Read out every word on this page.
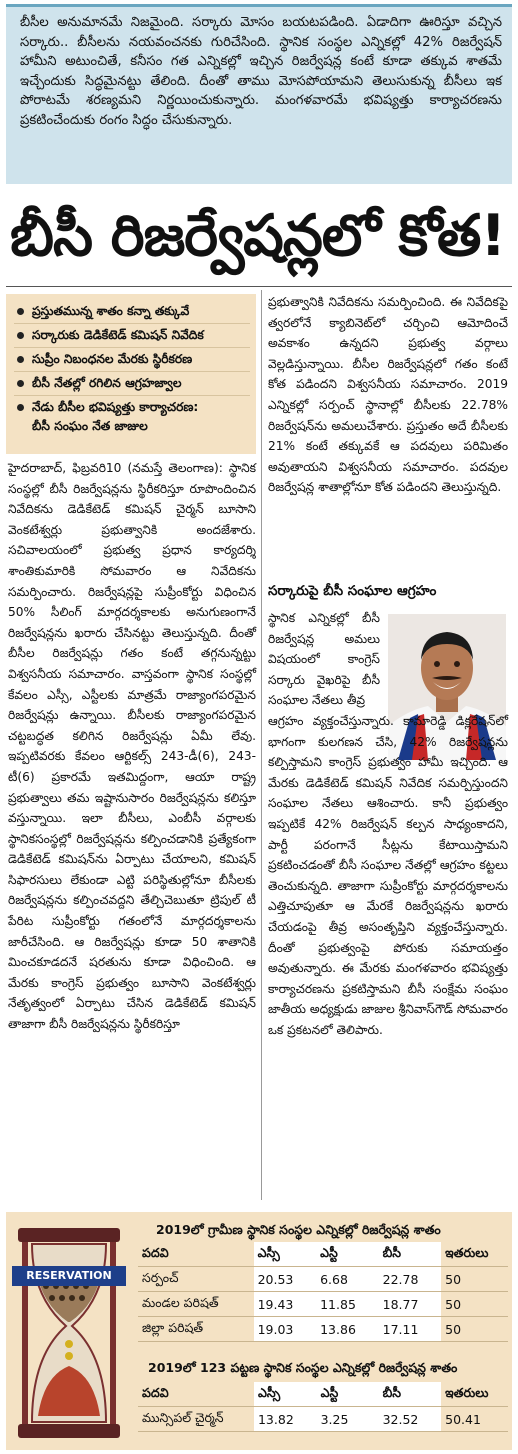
బీసీల అనుమానమే నిజమైంది. సర్కారు మోసం బయటపడింది. ఏడాదిగా ఊరిస్తూ వచ్చిన సర్కారు.. బీసీలను నయవంచనకు గురిచేసింది. స్థానిక సంస్థల ఎన్నికల్లో 42% రిజర్వేషన్ హామీని అటుంచితే, కనీసం గత ఎన్నికల్లో ఇచ్చిన రిజర్వేషన్ల కంటే కూడా తక్కువ శాతమే ఇచ్చేందుకు సిద్ధమైనట్టు తేలింది. దీంతో తాము మోసపోయామని తెలుసుకున్న బీసీలు ఇక పోరాటమే శరణ్యమని నిర్ణయించుకున్నారు. మంగళవారమే భవిష్యత్తు కార్యాచరణను ప్రకటించేందుకు రంగం సిద్ధం చేసుకున్నారు.

బీసీ రిజర్వేషన్లలో కోత!
ప్రస్తుతమున్న శాతం కన్నా తక్కువే
సర్కారుకు డెడికేటెడ్ కమిషన్ నివేదిక
సుప్రీం నిబంధనల మేరకు స్థిరీకరణ
బీసీ నేతల్లో రగిలిన ఆగ్రహజ్వాల
నేడు బీసీల భవిష్యత్తు కార్యాచరణ:
బీసీ సంఘం నేత జాజుల

హైదరాబాద్, ఫిబ్రవరి10 (నమస్తే తెలంగాణ): స్థానిక సంస్థల్లో బీసీ రిజర్వేషన్లను స్థిరీకరిస్తూ రూపొందించిన నివేదికను డెడికేటెడ్ కమిషన్ చైర్మన్ బూసాని వెంకటేశ్వర్లు ప్రభుత్వానికి అందజేశారు. సచివాలయంలో ప్రభుత్వ ప్రధాన కార్యదర్శి శాంతికుమారికి సోమవారం ఆ నివేదికను సమర్పించారు. రిజర్వేషన్లపై సుప్రీంకోర్టు విధించిన 50% సీలింగ్ మార్గదర్శకాలకు అనుగుణంగానే రిజర్వేషన్లను ఖరారు చేసినట్టు తెలుస్తున్నది. దీంతో బీసీల రిజర్వేషన్లు గతం కంటే తగ్గనున్నట్టు విశ్వసనీయ సమాచారం. వాస్తవంగా స్థానిక సంస్థల్లో కేవలం ఎస్సీ, ఎస్టీలకు మాత్రమే రాజ్యాంగపరమైన రిజర్వేషన్లు ఉన్నాయి. బీసీలకు రాజ్యాంగపరమైన చట్టబద్ధత కలిగిన రిజర్వేషన్లు ఏమీ లేవు. ఇప్పటివరకు కేవలం ఆర్టికల్స్ 243-డీ(6), 243-టీ(6) ప్రకారమే ఇతమిద్దంగా, ఆయా రాష్ట్ర ప్రభుత్వాలు తమ ఇష్టానుసారం రిజర్వేషన్లను కలిస్తూ వస్తున్నాయి. ఇలా బీసీలు, ఎంబీసీ వర్గాలకు స్థానికసంస్థల్లో రిజర్వేషన్లను కల్పించడానికి ప్రత్యేకంగా డెడికేటెడ్ కమిషన్‌ను ఏర్పాటు చేయాలని, కమిషన్ సిఫారసులు లేకుండా ఎట్టి పరిస్థితుల్లోనూ బీసీలకు రిజర్వేషన్లను కల్పించవద్దని తేల్చిచెబుతూ ట్రిపుల్ టీ పేరిట సుప్రీంకోర్టు గతంలోనే మార్గదర్శకాలను జారీచేసింది. ఆ రిజర్వేషన్లు కూడా 50 శాతానికి మించకూడదనే షరతును కూడా విధించింది. ఆ మేరకు కాంగ్రెస్ ప్రభుత్వం బూసాని వెంకటేశ్వర్లు నేతృత్వంలో ఏర్పాటు చేసిన డెడికేటెడ్ కమిషన్ తాజాగా బీసీ రిజర్వేషన్లను స్థిరీకరిస్తూ

ప్రభుత్వానికి నివేదికను సమర్పించింది. ఈ నివేదికపై త్వరలోనే క్యాబినెట్‌లో చర్చించి ఆమోదించే అవకాశం ఉన్నదని ప్రభుత్వ వర్గాలు వెల్లడిస్తున్నాయి. బీసీల రిజర్వేషన్లలో గతం కంటే కోత పడిందని విశ్వసనీయ సమాచారం. 2019 ఎన్నికల్లో సర్పంచ్ స్థానాల్లో బీసీలకు 22.78% రిజర్వేషన్‌ను అమలుచేశారు. ప్రస్తుతం అదే బీసీలకు 21% కంటే తక్కువకే ఆ పదవులు పరిమితం అవుతాయని విశ్వసనీయ సమాచారం. పదవుల రిజర్వేషన్ల శాతాల్లోనూ కోత పడిందని తెలుస్తున్నది.

సర్కారుపై బీసీ సంఘాల ఆగ్రహం

స్థానిక ఎన్నికల్లో బీసీ రిజర్వేషన్ల అమలు విషయంలో కాంగ్రెస్ సర్కారు వైఖరిపై బీసీ సంఘాల నేతలు తీవ్ర

ఆగ్రహం వ్యక్తంచేస్తున్నారు. కామారెడ్డి డిక్లరేషన్‌లో భాగంగా కులగణన చేసి, 42% రిజర్వేషన్లను కల్పిస్తామని కాంగ్రెస్ ప్రభుత్వం హామీ ఇచ్చింది. ఆ మేరకు డెడికేటెడ్ కమిషన్ నివేదిక సమర్పిస్తుందని సంఘాల నేతలు ఆశించారు. కానీ ప్రభుత్వం ఇప్పటికే 42% రిజర్వేషన్ కల్పన సాధ్యంకాదని, పార్టీ పరంగానే సీట్లను కేటాయిస్తామని ప్రకటించడంతో బీసీ సంఘాల నేతల్లో ఆగ్రహం కట్టలు తెంచుకున్నది. తాజాగా సుప్రీంకోర్టు మార్గదర్శకాలను ఎత్తిచూపుతూ ఆ మేరకే రిజర్వేషన్లను ఖరారు చేయడంపై తీవ్ర అసంతృప్తిని వ్యక్తంచేస్తున్నారు. దీంతో ప్రభుత్వంపై పోరుకు సమాయత్తం అవుతున్నారు. ఈ మేరకు మంగళవారం భవిష్యత్తు కార్యాచరణను ప్రకటిస్తామని బీసీ సంక్షేమ సంఘం జాతీయ అధ్యక్షుడు జాజుల శ్రీనివాస్‌గౌడ్ సోమవారం ఒక ప్రకటనలో తెలిపారు.

RESERVATION
2019లో గ్రామీణ స్థానిక సంస్థల ఎన్నికల్లో రిజర్వేషన్ల శాతం
పదవి	ఎస్సీ	ఎస్టీ	బీసీ	ఇతరులు
సర్పంచ్	20.53	6.68	22.78	50
మండల పరిషత్	19.43	11.85	18.77	50
జిల్లా పరిషత్	19.03	13.86	17.11	50
2019లో 123 పట్టణ స్థానిక సంస్థల ఎన్నికల్లో రిజర్వేషన్ల శాతం
పదవి	ఎస్సీ	ఎస్టీ	బీసీ	ఇతరులు
మున్సిపల్ చైర్మన్	13.82	3.25	32.52	50.41
